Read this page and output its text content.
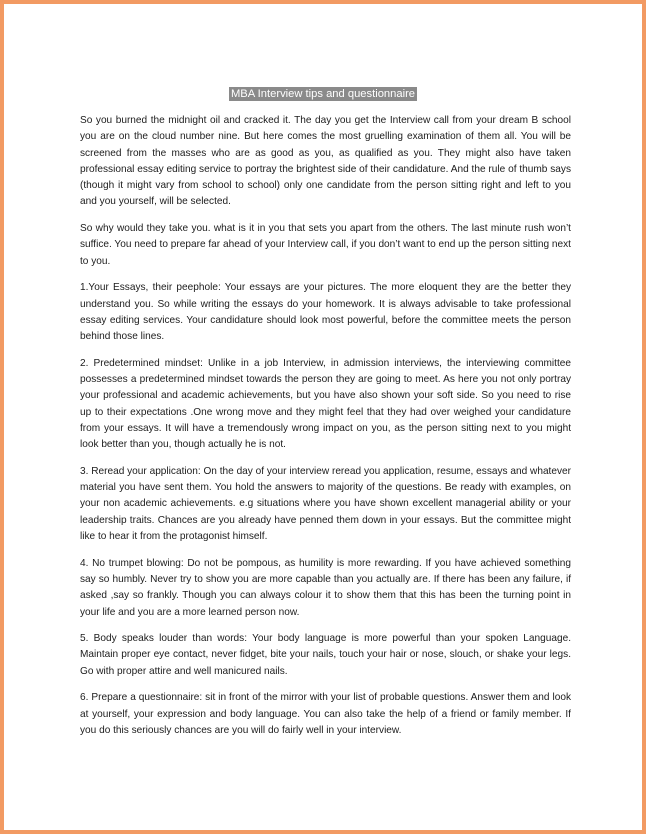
MBA Interview tips and questionnaire

So you burned the midnight oil and cracked it. The day you get the Interview call from your dream B school you are on the cloud number nine. But here comes the most gruelling examination of them all. You will be screened from the masses who are as good as you, as qualified as you. They might also have taken professional essay editing service to portray the brightest side of their candidature. And the rule of thumb says (though it might vary from school to school) only one candidate from the person sitting right and left to you and you yourself, will be selected.

So why would they take you. what is it in you that sets you apart from the others. The last minute rush won’t suffice. You need to prepare far ahead of your Interview call, if you don’t want to end up the person sitting next to you.

1.Your Essays, their peephole: Your essays are your pictures. The more eloquent they are the better they understand you. So while writing the essays do your homework. It is always advisable to take professional essay editing services. Your candidature should look most powerful, before the committee meets the person behind those lines.

2. Predetermined mindset: Unlike in a job Interview, in admission interviews, the interviewing committee possesses a predetermined mindset towards the person they are going to meet. As here you not only portray your professional and academic achievements, but you have also shown your soft side. So you need to rise up to their expectations .One wrong move and they might feel that they had over weighed your candidature from your essays. It will have a tremendously wrong impact on you, as the person sitting next to you might look better than you, though actually he is not.

3. Reread your application: On the day of your interview reread you application, resume, essays and whatever material you have sent them. You hold the answers to majority of the questions. Be ready with examples, on your non academic achievements. e.g situations where you have shown excellent managerial ability or your leadership traits. Chances are you already have penned them down in your essays. But the committee might like to hear it from the protagonist himself.

4. No trumpet blowing: Do not be pompous, as humility is more rewarding. If you have achieved something say so humbly. Never try to show you are more capable than you actually are. If there has been any failure, if asked ,say so frankly. Though you can always colour it to show them that this has been the turning point in your life and you are a more learned person now.

5. Body speaks louder than words: Your body language is more powerful than your spoken Language. Maintain proper eye contact, never fidget, bite your nails, touch your hair or nose, slouch, or shake your legs. Go with proper attire and well manicured nails.

6. Prepare a questionnaire: sit in front of the mirror with your list of probable questions. Answer them and look at yourself, your expression and body language. You can also take the help of a friend or family member. If you do this seriously chances are you will do fairly well in your interview.
